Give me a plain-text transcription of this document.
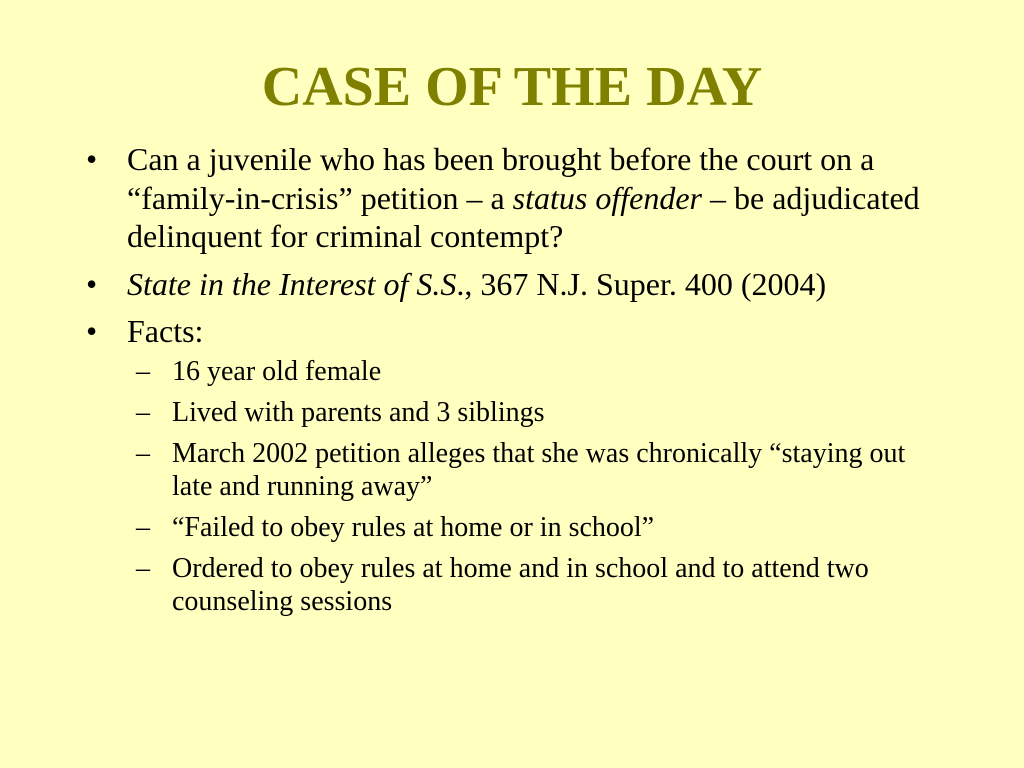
CASE OF THE DAY
• Can a juvenile who has been brought before the court on a “family-in-crisis” petition – a status offender – be adjudicated delinquent for criminal contempt?
• State in the Interest of S.S., 367 N.J. Super. 400 (2004)
• Facts:
– 16 year old female
– Lived with parents and 3 siblings
– March 2002 petition alleges that she was chronically “staying out late and running away”
– “Failed to obey rules at home or in school”
– Ordered to obey rules at home and in school and to attend two counseling sessions
